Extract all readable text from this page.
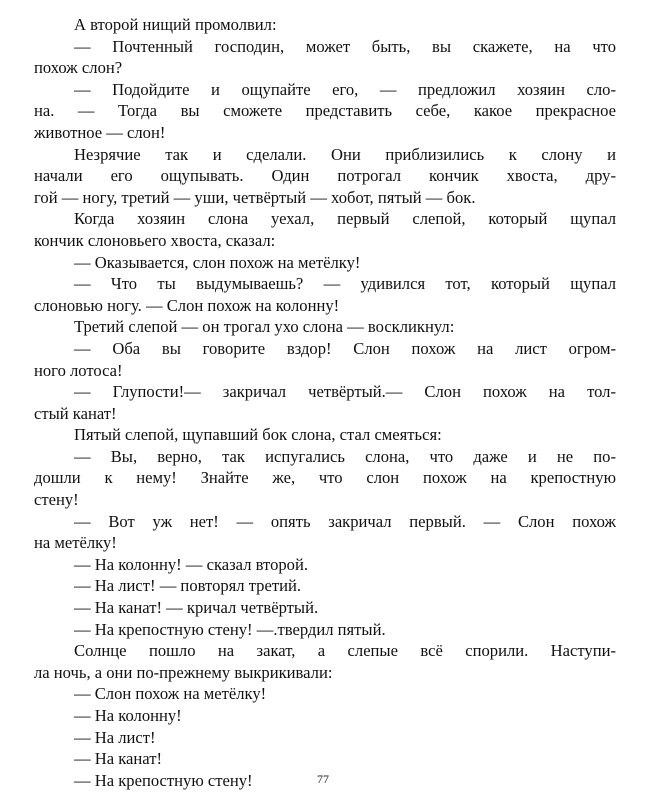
А второй нищий промолвил:
— Почтенный господин, может быть, вы скажете, на что
похож слон?
— Подойдите и ощупайте его, — предложил хозяин сло-
на. — Тогда вы сможете представить себе, какое прекрасное
животное — слон!
Незрячие так и сделали. Они приблизились к слону и
начали его ощупывать. Один потрогал кончик хвоста, дру-
гой — ногу, третий — уши, четвёртый — хобот, пятый — бок.
Когда хозяин слона уехал, первый слепой, который щупал
кончик слоновьего хвоста, сказал:
— Оказывается, слон похож на метёлку!
— Что ты выдумываешь? — удивился тот, который щупал
слоновью ногу. — Слон похож на колонну!
Третий слепой — он трогал ухо слона — воскликнул:
— Оба вы говорите вздор! Слон похож на лист огром-
ного лотоса!
— Глупости!— закричал четвёртый.— Слон похож на тол-
стый канат!
Пятый слепой, щупавший бок слона, стал смеяться:
— Вы, верно, так испугались слона, что даже и не по-
дошли к нему! Знайте же, что слон похож на крепостную
стену!
— Вот уж нет! — опять закричал первый. — Слон похож
на метёлку!
— На колонну! — сказал второй.
— На лист! — повторял третий.
— На канат! — кричал четвёртый.
— На крепостную стену! —.твердил пятый.
Солнце пошло на закат, а слепые всё спорили. Наступи-
ла ночь, а они по-прежнему выкрикивали:
— Слон похож на метёлку!
— На колонну!
— На лист!
— На канат!
— На крепостную стену!	77
